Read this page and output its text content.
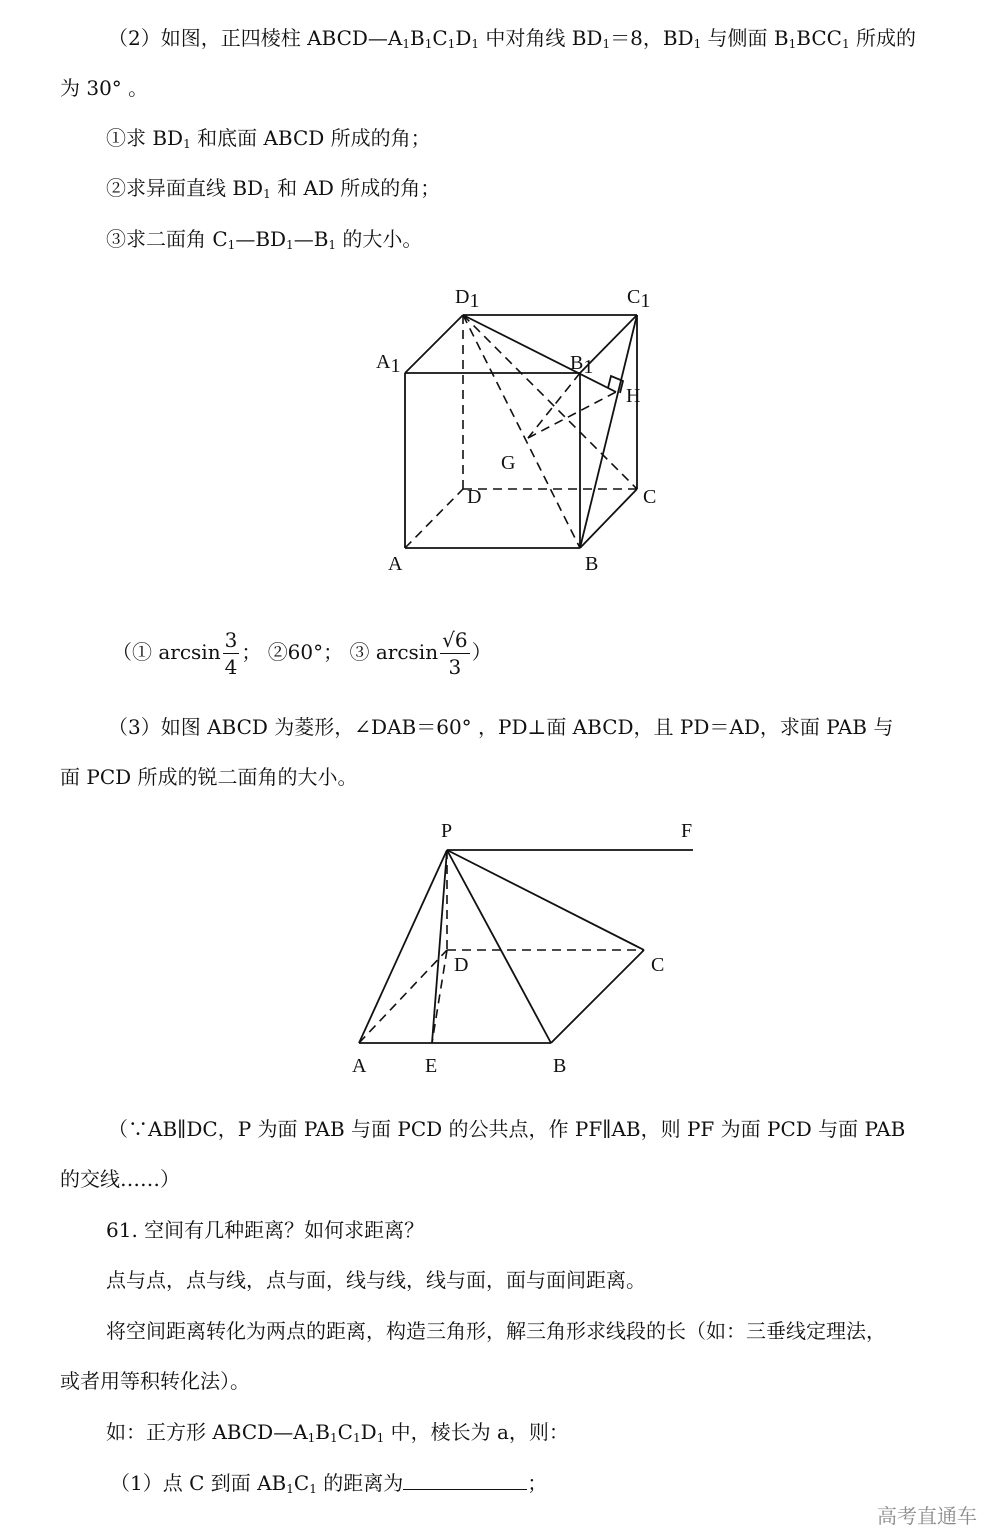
（2）如图，正四棱柱 $ABCD—A_1B_1C_1D_1$ 中对角线 $BD_1=8$，$BD_1$ 与侧面 $B_1BCC_1$ 所成的
为 30° 。
①求 $BD_1$ 和底面 ABCD 所成的角；
②求异面直线 $BD_1$ 和 AD 所成的角；
③求二面角 $C_1—BD_1—B_1$ 的大小。
D1	C1
A1	B1
H
G
D	C
A	B
（① $\arcsin \frac{3}{4}$ ； ②60°； ③ $\arcsin \frac{√6}{3}$ ）
（3）如图 ABCD 为菱形，∠DAB＝60° ，PD⊥面 ABCD，且 PD＝AD，求面 PAB 与
面 PCD 所成的锐二面角的大小。
P	F
D	C
A	E	B
（∵AB∥DC，P 为面 PAB 与面 PCD 的公共点，作 PF∥AB，则 PF 为面 PCD 与面 PAB
的交线……）
61. 空间有几种距离？如何求距离？
点与点，点与线，点与面，线与线，线与面，面与面间距离。
将空间距离转化为两点的距离，构造三角形，解三角形求线段的长（如：三垂线定理法，
或者用等积转化法）。
如：正方形 $ABCD—A_1B_1C_1D_1$ 中，棱长为 a，则：
（1）点 C 到面 $AB_1C_1$ 的距离为	；
高考直通车
